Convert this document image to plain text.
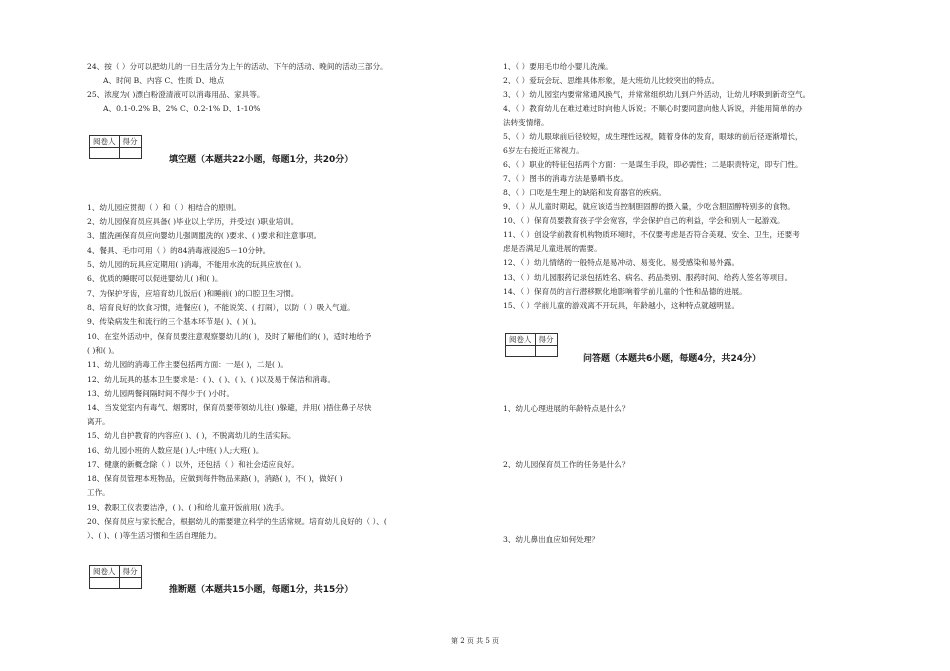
24、按（ ）分可以把幼儿的一日生活分为上午的活动、下午的活动、晚间的活动三部分。
A、时间 B、内容 C、性质 D、地点
25、浓度为( )漂白粉澄清液可以消毒用品、家具等。
A、0.1-0.2% B、2% C、0.2-1% D、1-10%
阅卷人	得分	

填空题（本题共22小题，每题1分，共20分）
1、幼儿园应贯彻（ ）和（ ）相结合的原则。
2、幼儿园保育员应具备( )毕业以上学历，并受过( )职业培训。
3、盥洗画保育员应向婴幼儿强调盥洗的( )要求、( )要求和注意事项。
4、餐具、毛巾可用（ ）的84消毒液浸泡5－10分钟。
5、幼儿园的玩具应定期用( )消毒，不能用水洗的玩具应放在( )。
6、优质的睡眠可以促进婴幼儿( )和( )。
7、为保护牙齿，应培育幼儿饭后( )和睡前( )的口腔卫生习惯。
8、培育良好的饮食习惯，进餐应( )，不能说笑、( 打闹），以防（ ）吸入气道。
9、传染病发生和流行的三个基本环节是( )、( )( )。
10、在室外活动中，保育员要注意观察婴幼儿的( )，及时了解他们的( )，适时地给予
( )和( )。
11、幼儿园的消毒工作主要包括两方面：一是( )，二是( )。
12、幼儿玩具的基本卫生要求是：( )、( )、( )、( )以及易于保洁和消毒。
13、幼儿园两餐间隔时间不得少于( )小时。
14、当发觉室内有毒气、烟雾时，保育员要带领幼儿往( )躲避，并用( )捂住鼻子尽快
离开。
15、幼儿自护教育的内容应( )、( )，不脱离幼儿的生活实际。
16、幼儿园小班的人数应是( )人;中班( )人;大班( )。
17、健康的新概念除（ ）以外，还包括（ ）和社会适应良好。
18、保育员管理本班物品，应做到每件物品来路( )，消路( )，不( )，做好( )
工作。
19、教职工仪表要洁净，( )、( )和给儿童开饭前用( )洗手。
20、保育员应与家长配合，根据幼儿的需要建立科学的生活常规。培育幼儿良好的（ ）、(
）、( )、( )等生活习惯和生活自理能力。
阅卷人	得分	

推断题（本题共15小题，每题1分，共15分）
1、（ ）要用毛巾给小婴儿洗澡。
2、（ ）爱玩会玩、思维具体形象，是大班幼儿比较突出的特点。
3、（ ）幼儿园室内要常常通风换气，并常常组织幼儿到户外活动，让幼儿呼吸到新奇空气。
4、（ ）教育幼儿在难过难过时向他人诉说；不顺心时要同意向他人诉说，并能用简单的办
法转变情绪。
5、（ ）幼儿眼球前后径较短，成生理性远视，随着身体的发育，眼球的前后径逐渐增长，
6岁左右接近正常视力。
6、（ ）职业的特征包括两个方面：一是谋生手段，即必需性；二是职责特定，即专门性。
7、（ ）图书的消毒方法是暴晒书皮。
8、（ ）口吃是生理上的缺陷和发育器官的疾病。
9、（ ）从儿童时期起，就应该适当控制胆固醇的摄入量，少吃含胆固醇特别多的食物。
10、（ ）保育员要教育孩子学会宽容，学会保护自己的利益，学会和别人一起游戏。
11、（ ）创设学前教育机构物质环境时，不仅要考虑是否符合美观、安全、卫生，还要考
虑是否满足儿童进展的需要。
12、（ ）幼儿情绪的一般特点是易冲动、易变化、易受感染和易外露。
13、（ ）幼儿园服药记录包括姓名、病名、药品类别、服药时间、给药人签名等项目。
14、（ ）保育员的言行潜移默化地影响着学前儿童的个性和品德的进展。
15、（ ）学前儿童的游戏离不开玩具，年龄越小，这种特点就越明显。
阅卷人	得分	

问答题（本题共6小题，每题4分，共24分）
1、幼儿心理进展的年龄特点是什么？
2、幼儿园保育员工作的任务是什么？
3、幼儿鼻出血应如何处理？
第 2 页 共 5 页
